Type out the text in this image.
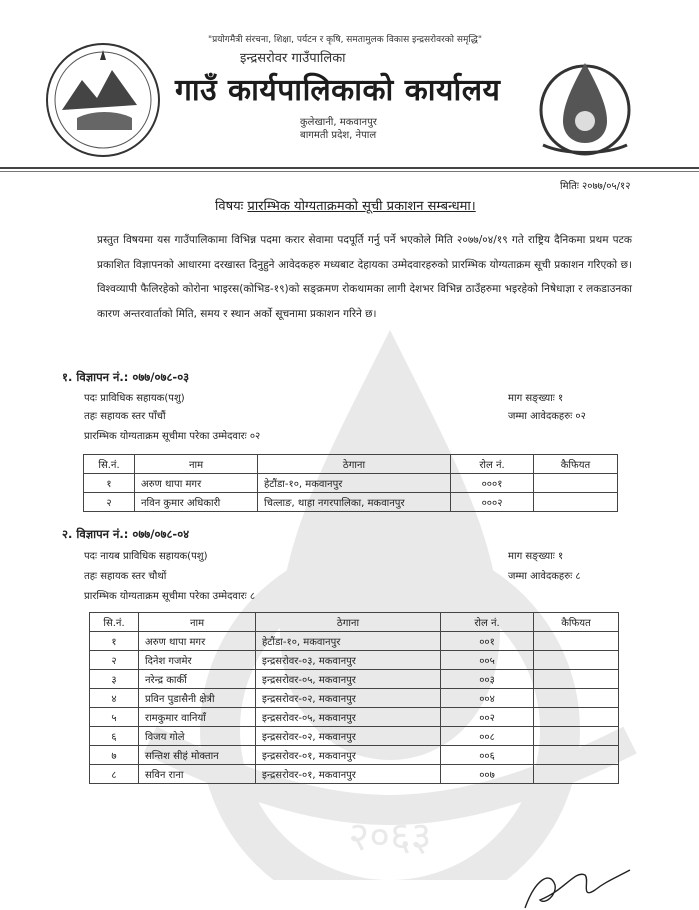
२०६३
"प्रयोगमैत्री संरचना, शिक्षा, पर्यटन र कृषि, समतामुलक विकास इन्द्रसरोवरको समृद्धि"
इन्द्रसरोवर गाउँपालिका
गाउँ कार्यपालिकाको कार्यालय
कुलेखानी, मकवानपुर
बागमती प्रदेश, नेपाल
मितिः २०७७/०५/१२
विषयः प्रारम्भिक योग्यताक्रमको सूची प्रकाशन सम्बन्धमा।
प्रस्तुत विषयमा यस गाउँपालिकामा विभिन्न पदमा करार सेवामा पदपूर्ति गर्नु पर्ने भएकोले मिति २०७७/०४/१९ गते राष्ट्रिय दैनिकमा प्रथम पटक प्रकाशित विज्ञापनको आधारमा दरखास्त दिनुहुने आवेदकहरु मध्यबाट देहायका उम्मेदवारहरुको प्रारम्भिक योग्यताक्रम सूची प्रकाशन गरिएको छ। विश्वव्यापी फैलिरहेको कोरोना भाइरस(कोभिड-१९)को सङ्क्रमण रोकथामका लागी देशभर विभिन्न ठाउँहरुमा भइरहेको निषेधाज्ञा र लकडाउनका कारण अन्तरवार्ताको मिति, समय र स्थान अर्को सूचनामा प्रकाशन गरिने छ।
१. विज्ञापन नं.: ०७७/०७८-०३
पदः प्राविधिक सहायक(पशु)	माग सङ्ख्याः १
तहः सहायक स्तर पाँचौं	जम्मा आवेदकहरुः ०२
प्रारम्भिक योग्यताक्रम सूचीमा परेका उम्मेदवारः ०२
सि.नं.	नाम	ठेगाना	रोल नं.	कैफियत
१	अरुण थापा मगर	हेटौंडा-१०, मकवानपुर	०००१	
२	नविन कुमार अधिकारी	चित्लाङ, थाहा नगरपालिका, मकवानपुर	०००२	
२. विज्ञापन नं.: ०७७/०७८-०४
पदः नायब प्राविधिक सहायक(पशु)	माग सङ्ख्याः १
तहः सहायक स्तर चौथों	जम्मा आवेदकहरुः ८
प्रारम्भिक योग्यताक्रम सूचीमा परेका उम्मेदवारः ८
सि.नं.	नाम	ठेगाना	रोल नं.	कैफियत
१	अरुण थापा मगर	हेटौंडा-१०, मकवानपुर	००१	
२	दिनेश गजमेर	इन्द्रसरोवर-०३, मकवानपुर	००५	
३	नरेन्द्र कार्की	इन्द्रसरोवर-०५, मकवानपुर	००३	
४	प्रविन पुडासैनी क्षेत्री	इन्द्रसरोवर-०२, मकवानपुर	००४	
५	रामकुमार वानियाँ	इन्द्रसरोवर-०५, मकवानपुर	००२	
६	विजय गोले	इन्द्रसरोवर-०२, मकवानपुर	००८	
७	सन्तिश सीहं मोक्तान	इन्द्रसरोवर-०१, मकवानपुर	००६	
८	सविन राना	इन्द्रसरोवर-०१, मकवानपुर	००७	
